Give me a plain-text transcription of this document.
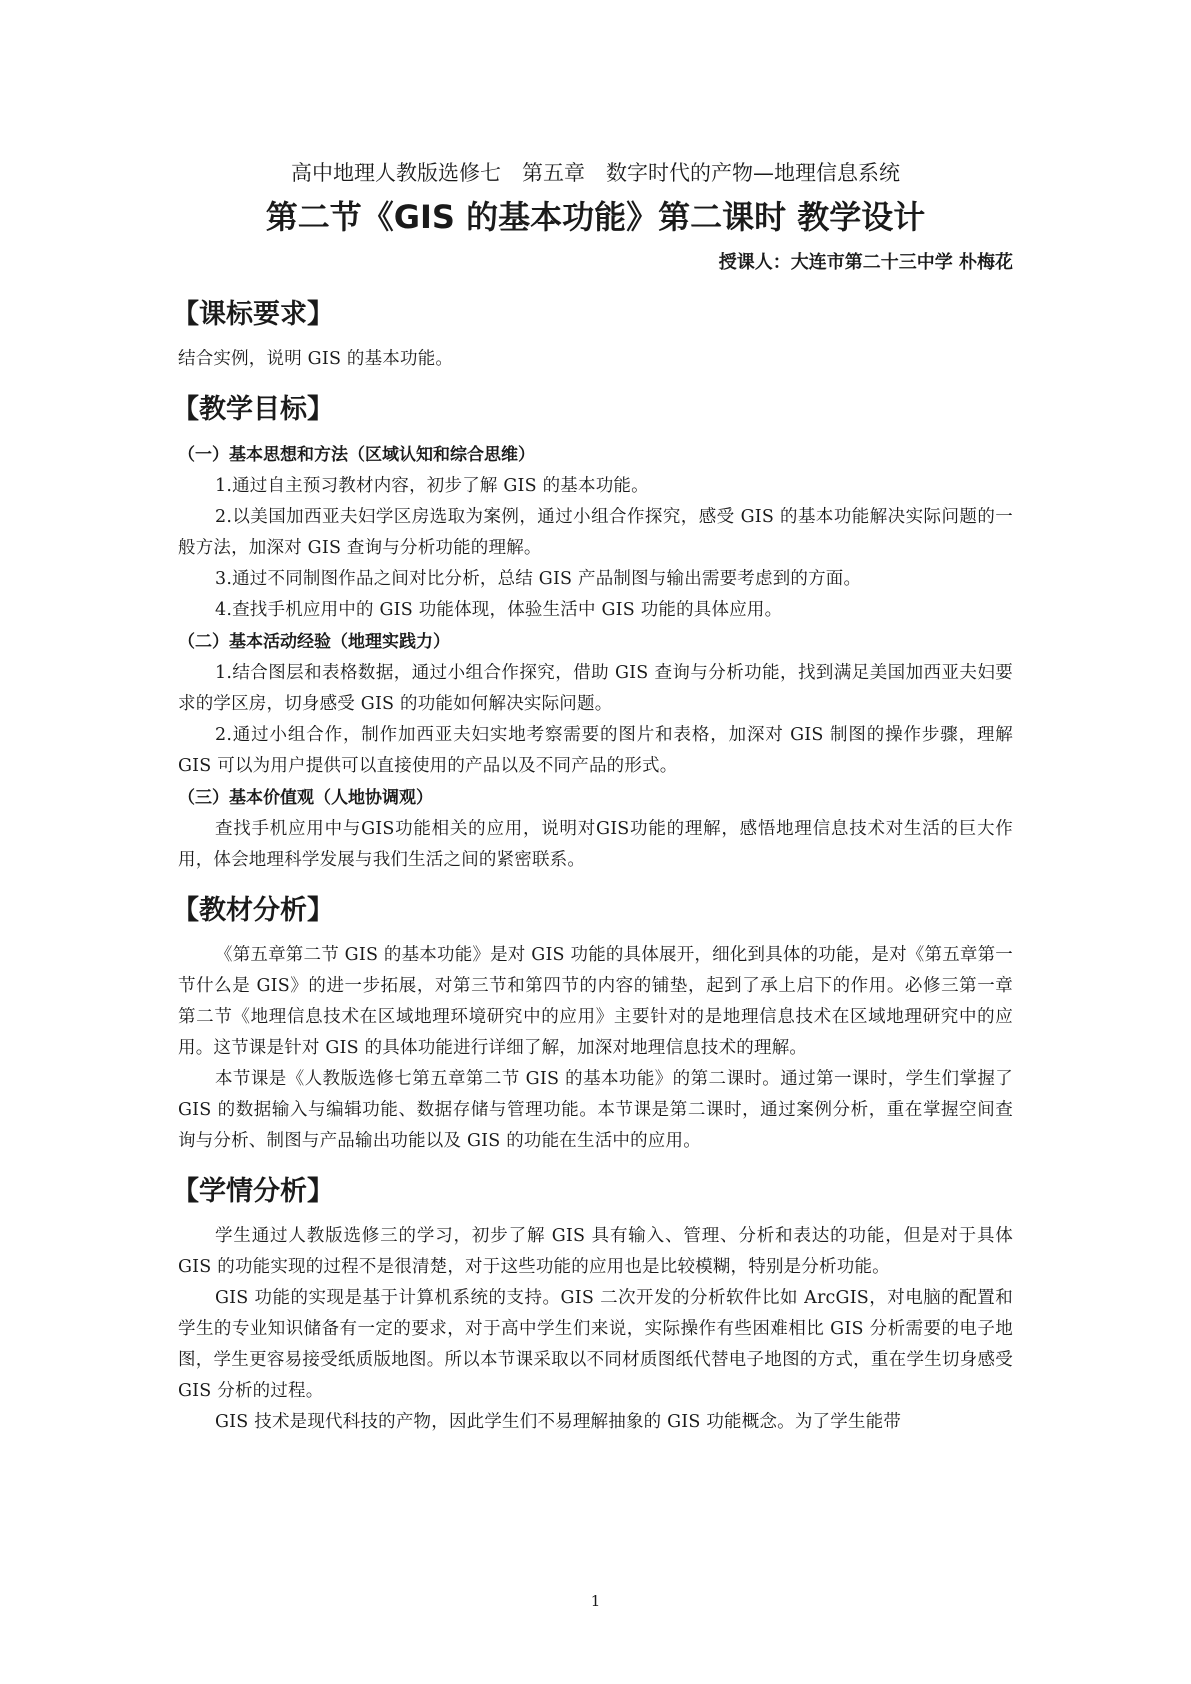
高中地理人教版选修七　第五章　数字时代的产物—地理信息系统
第二节《GIS 的基本功能》第二课时 教学设计
授课人：大连市第二十三中学 朴梅花
【课标要求】

结合实例，说明 GIS 的基本功能。

【教学目标】
（一）基本思想和方法（区域认知和综合思维）

1.通过自主预习教材内容，初步了解 GIS 的基本功能。

2.以美国加西亚夫妇学区房选取为案例，通过小组合作探究，感受 GIS 的基本功能解决实际问题的一般方法，加深对 GIS 查询与分析功能的理解。

3.通过不同制图作品之间对比分析，总结 GIS 产品制图与输出需要考虑到的方面。

4.查找手机应用中的 GIS 功能体现，体验生活中 GIS 功能的具体应用。

（二）基本活动经验（地理实践力）

1.结合图层和表格数据，通过小组合作探究，借助 GIS 查询与分析功能，找到满足美国加西亚夫妇要求的学区房，切身感受 GIS 的功能如何解决实际问题。

2.通过小组合作，制作加西亚夫妇实地考察需要的图片和表格，加深对 GIS 制图的操作步骤，理解 GIS 可以为用户提供可以直接使用的产品以及不同产品的形式。

（三）基本价值观（人地协调观）

查找手机应用中与GIS功能相关的应用，说明对GIS功能的理解，感悟地理信息技术对生活的巨大作用，体会地理科学发展与我们生活之间的紧密联系。

【教材分析】

《第五章第二节 GIS 的基本功能》是对 GIS 功能的具体展开，细化到具体的功能，是对《第五章第一节什么是 GIS》的进一步拓展，对第三节和第四节的内容的铺垫，起到了承上启下的作用。必修三第一章第二节《地理信息技术在区域地理环境研究中的应用》主要针对的是地理信息技术在区域地理研究中的应用。这节课是针对 GIS 的具体功能进行详细了解，加深对地理信息技术的理解。

本节课是《人教版选修七第五章第二节 GIS 的基本功能》的第二课时。通过第一课时，学生们掌握了 GIS 的数据输入与编辑功能、数据存储与管理功能。本节课是第二课时，通过案例分析，重在掌握空间查询与分析、制图与产品输出功能以及 GIS 的功能在生活中的应用。

【学情分析】

学生通过人教版选修三的学习，初步了解 GIS 具有输入、管理、分析和表达的功能，但是对于具体 GIS 的功能实现的过程不是很清楚，对于这些功能的应用也是比较模糊，特别是分析功能。

GIS 功能的实现是基于计算机系统的支持。GIS 二次开发的分析软件比如 ArcGIS，对电脑的配置和学生的专业知识储备有一定的要求，对于高中学生们来说，实际操作有些困难相比 GIS 分析需要的电子地图，学生更容易接受纸质版地图。所以本节课采取以不同材质图纸代替电子地图的方式，重在学生切身感受 GIS 分析的过程。

GIS 技术是现代科技的产物，因此学生们不易理解抽象的 GIS 功能概念。为了学生能带

1
